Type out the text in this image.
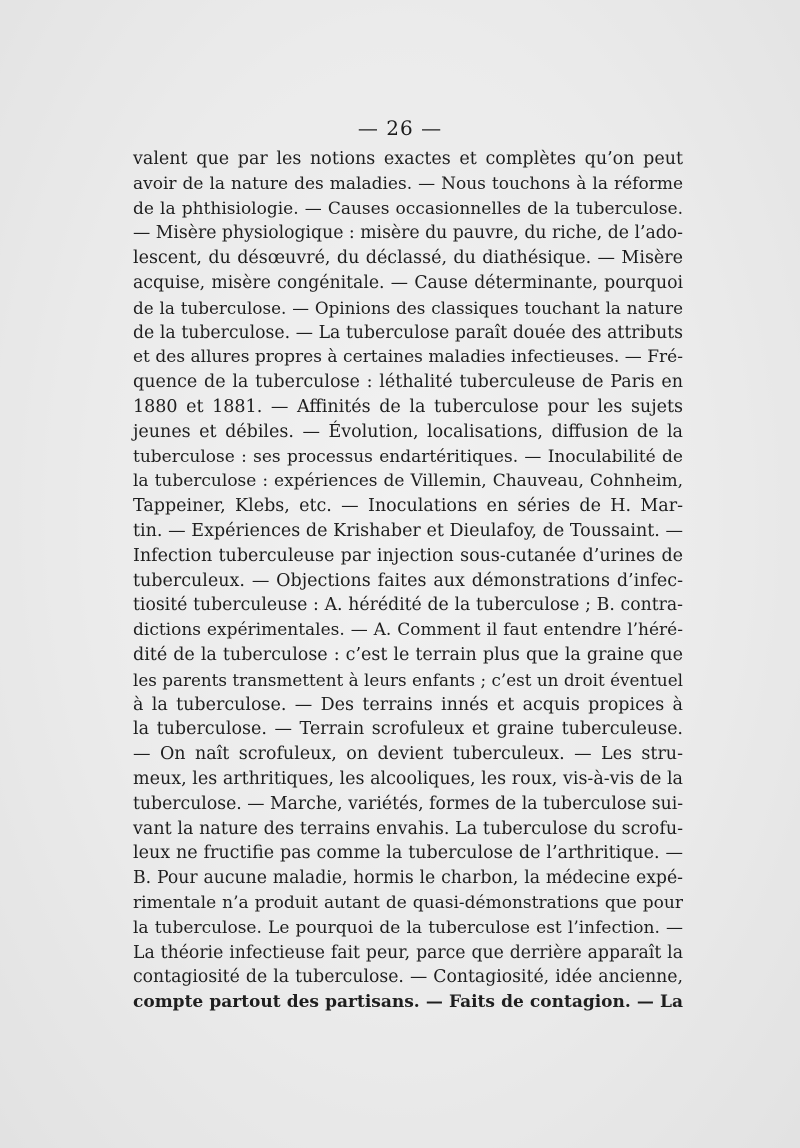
— 26 —
valent que par les notions exactes et complètes qu’on peut
avoir de la nature des maladies. — Nous touchons à la réforme
de la phthisiologie. — Causes occasionnelles de la tuberculose.
— Misère physiologique : misère du pauvre, du riche, de l’ado-
lescent, du désœuvré, du déclassé, du diathésique. — Misère
acquise, misère congénitale. — Cause déterminante, pourquoi
de la tuberculose. — Opinions des classiques touchant la nature
de la tuberculose. — La tuberculose paraît douée des attributs
et des allures propres à certaines maladies infectieuses. — Fré-
quence de la tuberculose : léthalité tuberculeuse de Paris en
1880 et 1881. — Affinités de la tuberculose pour les sujets
jeunes et débiles. — Évolution, localisations, diffusion de la
tuberculose : ses processus endartéritiques. — Inoculabilité de
la tuberculose : expériences de Villemin, Chauveau, Cohnheim,
Tappeiner, Klebs, etc. — Inoculations en séries de H. Mar-
tin. — Expériences de Krishaber et Dieulafoy, de Toussaint. —
Infection tuberculeuse par injection sous-cutanée d’urines de
tuberculeux. — Objections faites aux démonstrations d’infec-
tiosité tuberculeuse : A. hérédité de la tuberculose ; B. contra-
dictions expérimentales. — A. Comment il faut entendre l’héré-
dité de la tuberculose : c’est le terrain plus que la graine que
les parents transmettent à leurs enfants ; c’est un droit éventuel
à la tuberculose. — Des terrains innés et acquis propices à
la tuberculose. — Terrain scrofuleux et graine tuberculeuse.
— On naît scrofuleux, on devient tuberculeux. — Les stru-
meux, les arthritiques, les alcooliques, les roux, vis-à-vis de la
tuberculose. — Marche, variétés, formes de la tuberculose sui-
vant la nature des terrains envahis. La tuberculose du scrofu-
leux ne fructifie pas comme la tuberculose de l’arthritique. —
B. Pour aucune maladie, hormis le charbon, la médecine expé-
rimentale n’a produit autant de quasi-démonstrations que pour
la tuberculose. Le pourquoi de la tuberculose est l’infection. —
La théorie infectieuse fait peur, parce que derrière apparaît la
contagiosité de la tuberculose. — Contagiosité, idée ancienne,
compte partout des partisans. — Faits de contagion. — La
